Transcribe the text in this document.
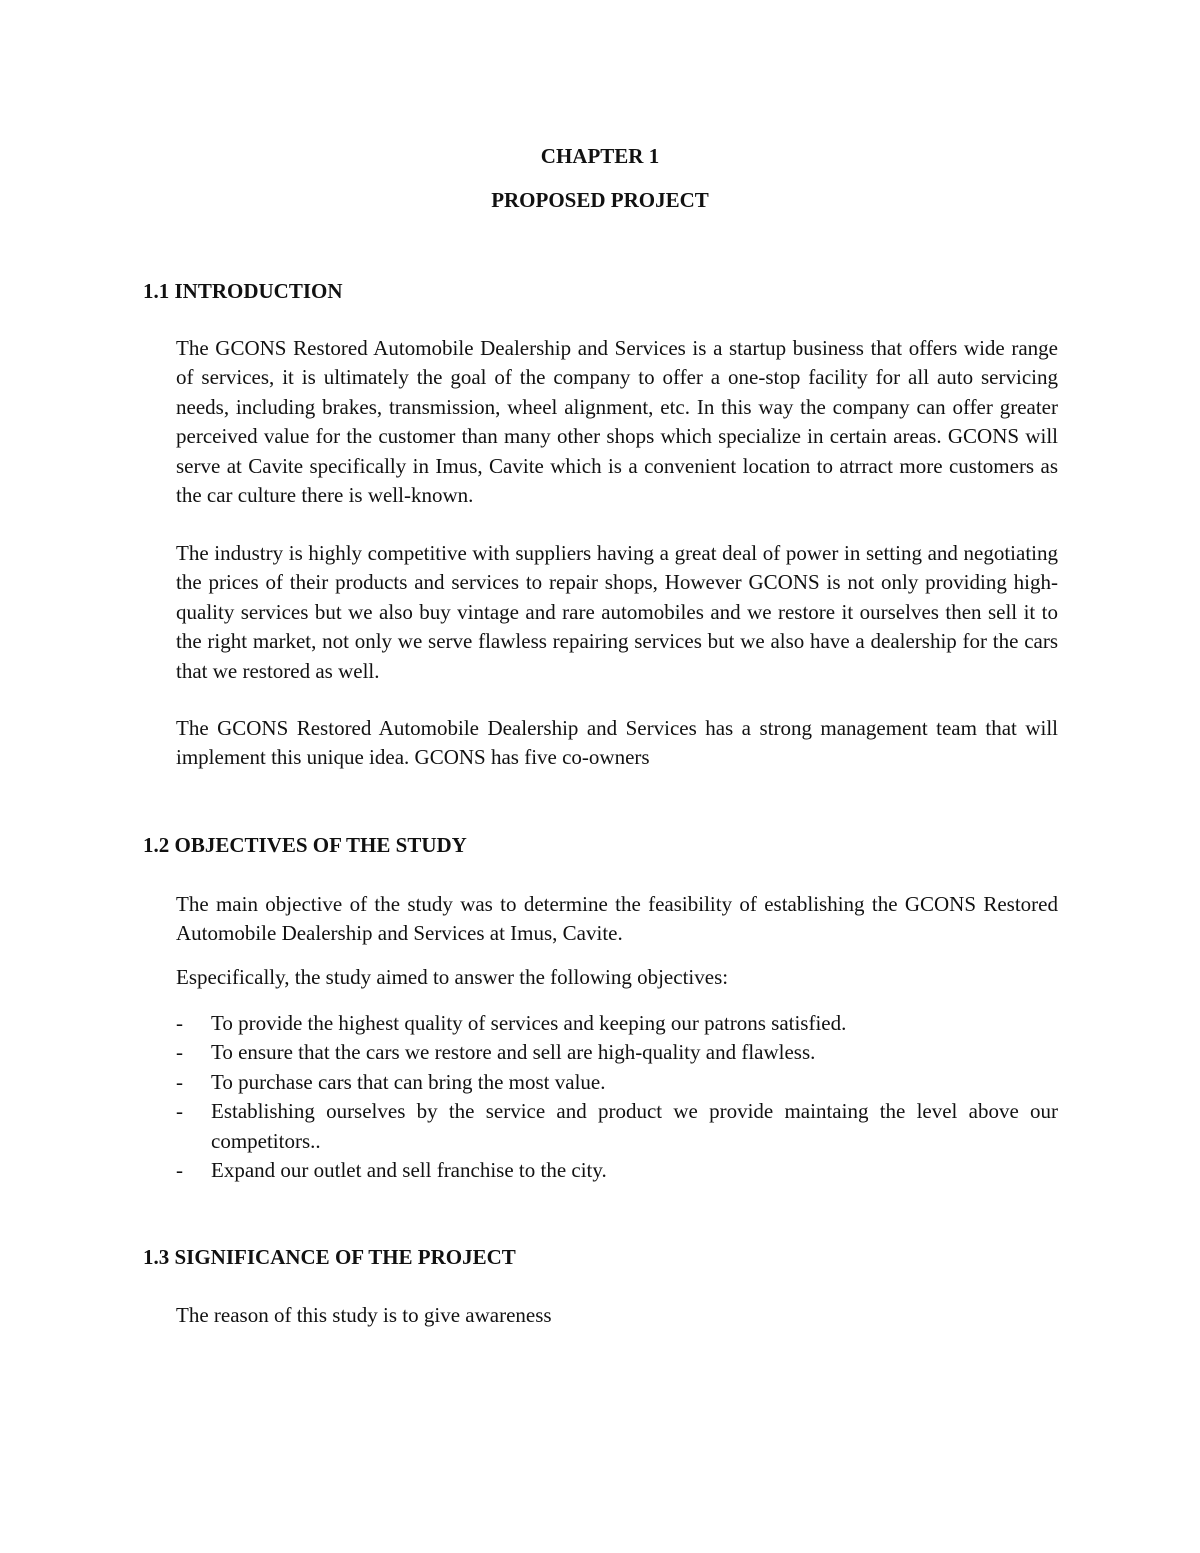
CHAPTER 1
PROPOSED PROJECT
1.1 INTRODUCTION

The GCONS Restored Automobile Dealership and Services is a startup business that offers wide range of services, it is ultimately the goal of the company to offer a one-stop facility for all auto servicing needs, including brakes, transmission, wheel alignment, etc. In this way the company can offer greater perceived value for the customer than many other shops which specialize in certain areas. GCONS will serve at Cavite specifically in Imus, Cavite which is a convenient location to atrract more customers as the car culture there is well-known.

The industry is highly competitive with suppliers having a great deal of power in setting and negotiating the prices of their products and services to repair shops, However GCONS is not only providing high-quality services but we also buy vintage and rare automobiles and we restore it ourselves then sell it to the right market, not only we serve flawless repairing services but we also have a dealership for the cars that we restored as well.

The GCONS Restored Automobile Dealership and Services has a strong management team that will implement this unique idea. GCONS has five co-owners

1.2 OBJECTIVES OF THE STUDY

The main objective of the study was to determine the feasibility of establishing the GCONS Restored Automobile Dealership and Services at Imus, Cavite.

Especifically, the study aimed to answer the following objectives:

- To provide the highest quality of services and keeping our patrons satisfied.
- To ensure that the cars we restore and sell are high-quality and flawless.
- To purchase cars that can bring the most value.
- Establishing ourselves by the service and product we provide maintaing the level above our competitors..
- Expand our outlet and sell franchise to the city.
1.3 SIGNIFICANCE OF THE PROJECT

The reason of this study is to give awareness
